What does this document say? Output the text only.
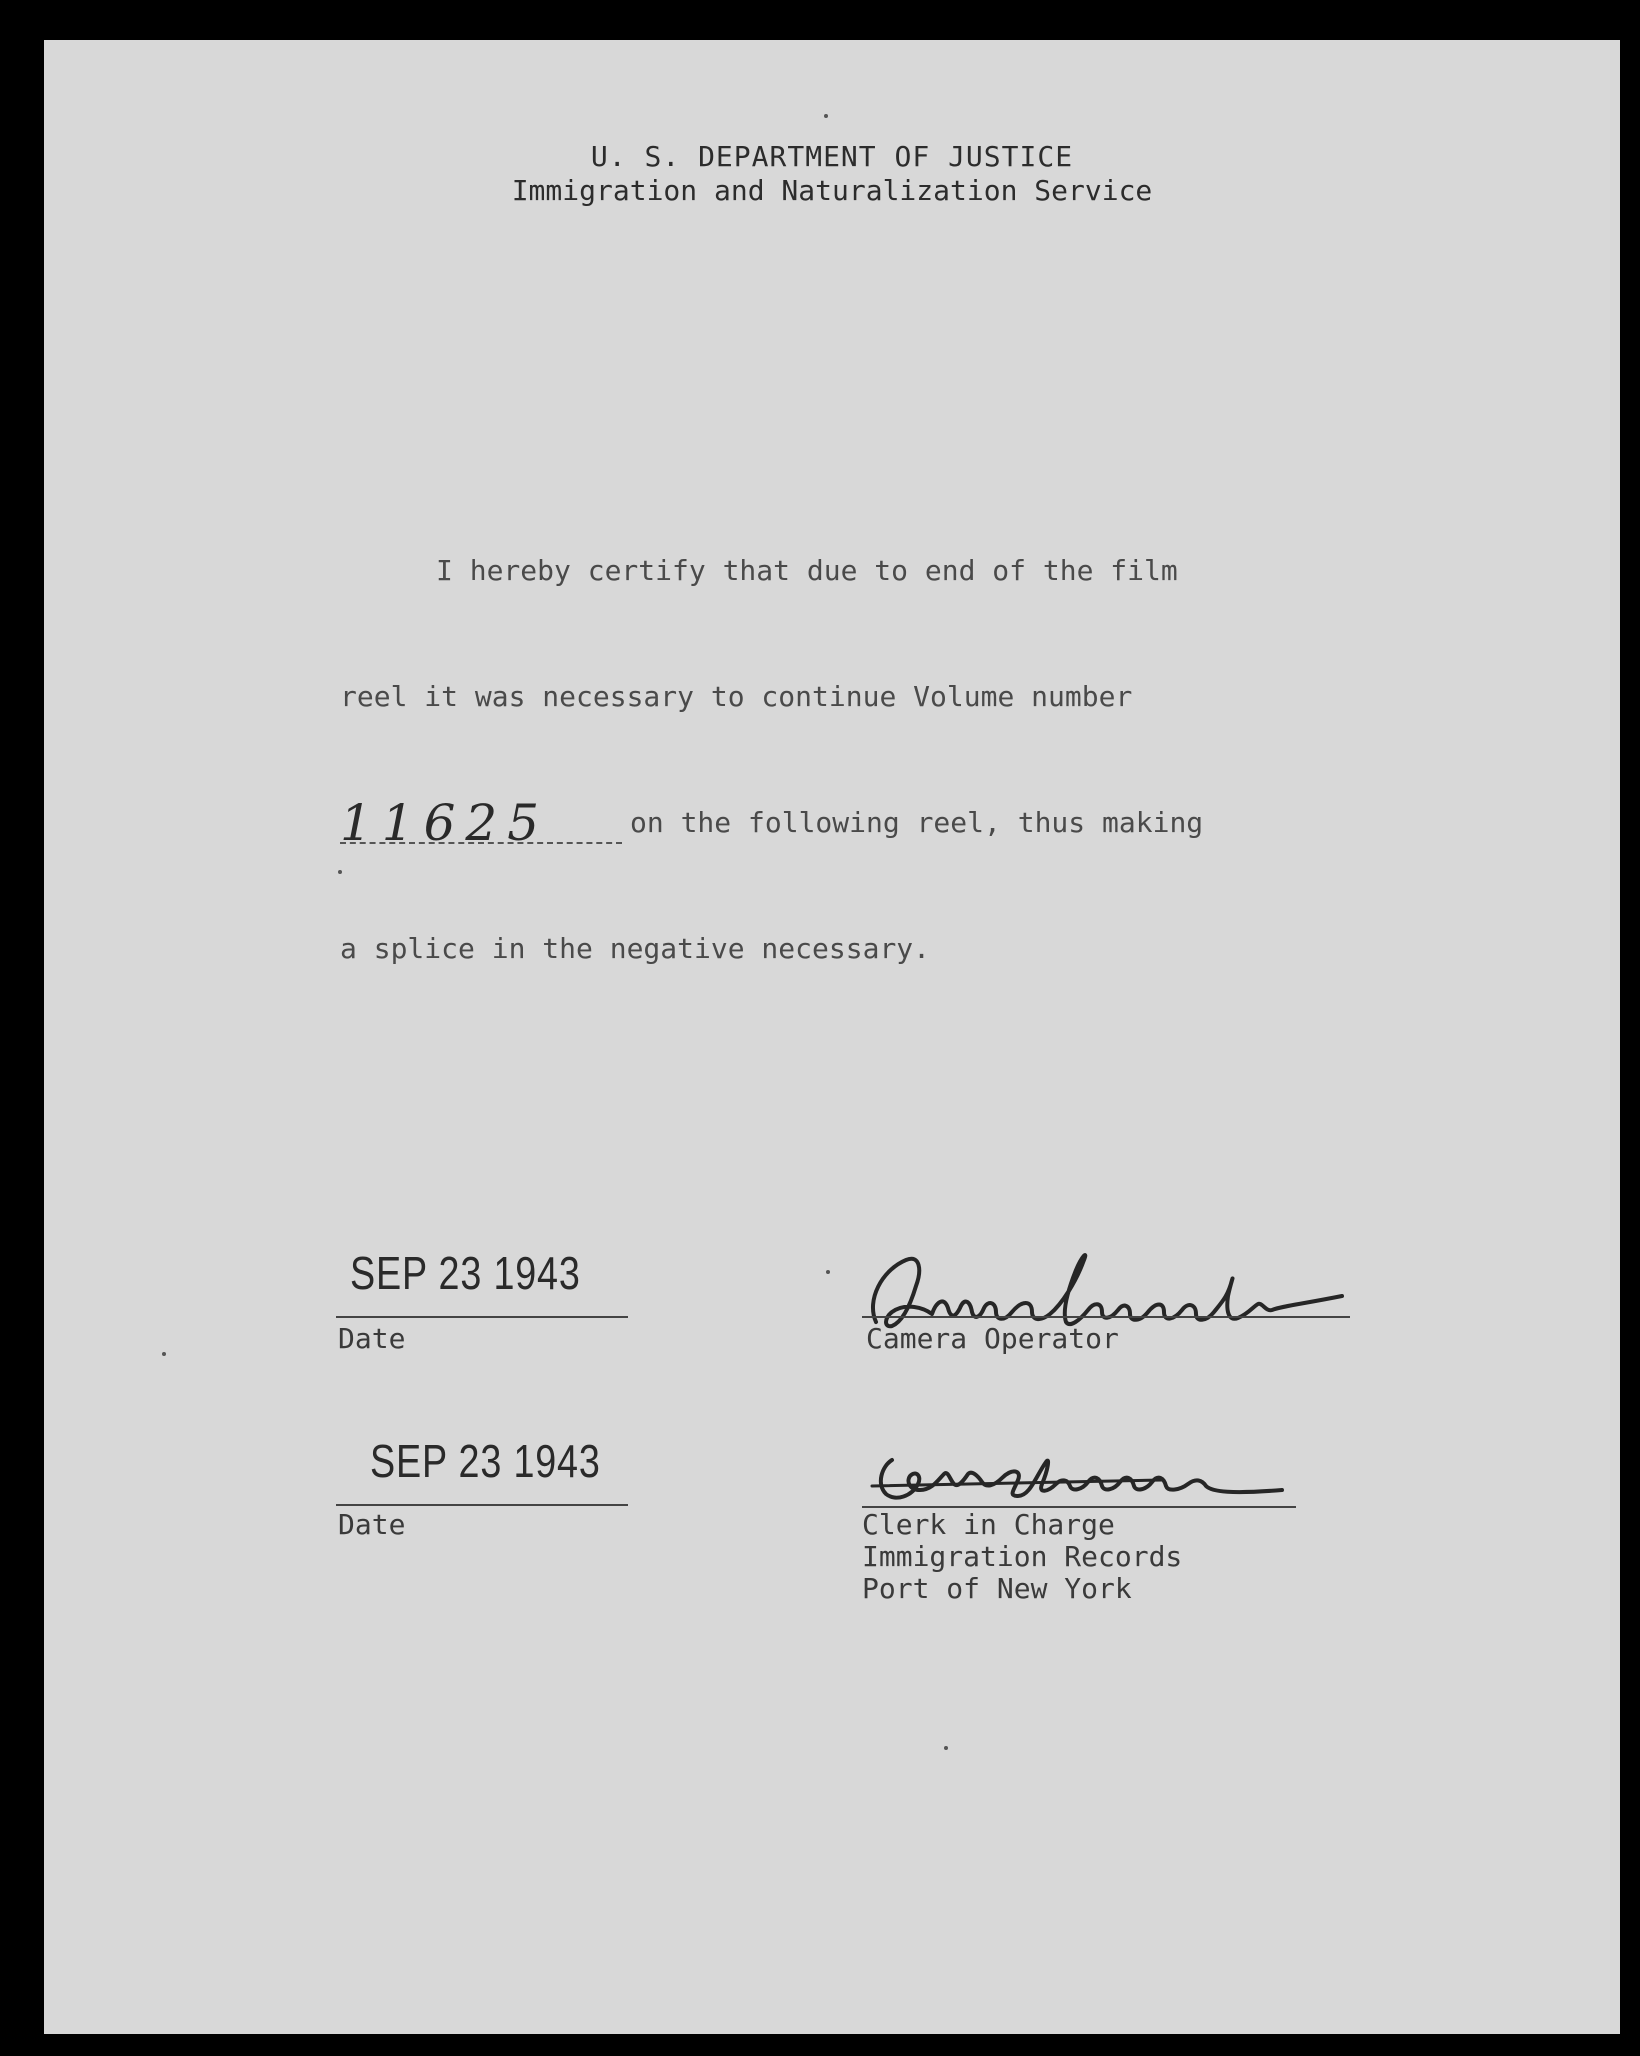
U. S. DEPARTMENT OF JUSTICE
Immigration and Naturalization Service
I hereby certify that due to end of the film
reel it was necessary to continue Volume number
11625	on the following reel, thus making
a splice in the negative necessary.
SEP 23 1943
Date	Camera Operator
SEP 23 1943
Date	Clerk in Charge
Immigration Records
Port of New York
